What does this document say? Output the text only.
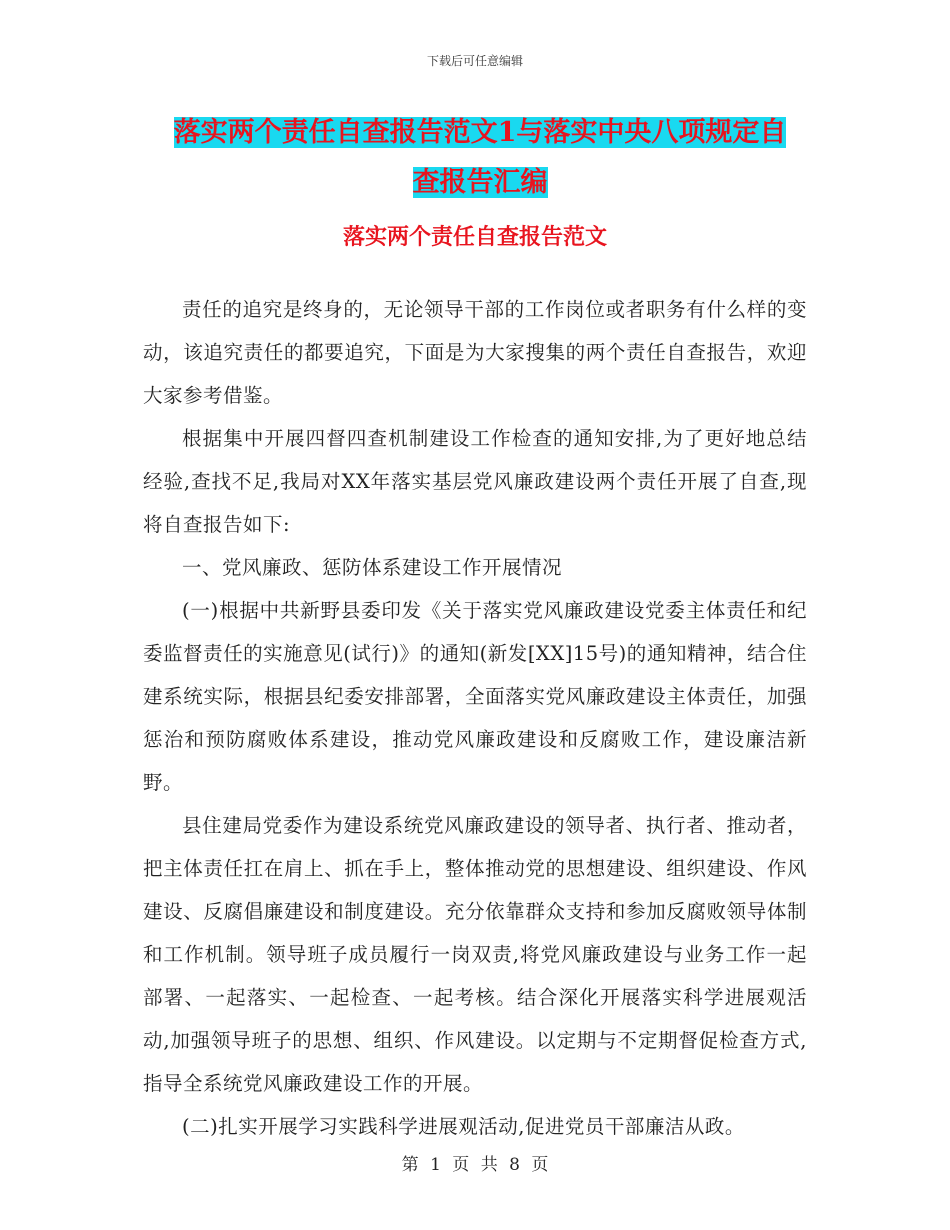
下载后可任意编辑
落实两个责任自查报告范文1与落实中央八项规定自
查报告汇编
落实两个责任自查报告范文

责任的追究是终身的，无论领导干部的工作岗位或者职务有什么样的变动，该追究责任的都要追究，下面是为大家搜集的两个责任自查报告，欢迎大家参考借鉴。

根据集中开展四督四查机制建设工作检查的通知安排,为了更好地总结经验,查找不足,我局对XX年落实基层党风廉政建设两个责任开展了自查,现将自查报告如下:

一、党风廉政、惩防体系建设工作开展情况

(一)根据中共新野县委印发《关于落实党风廉政建设党委主体责任和纪委监督责任的实施意见(试行)》的通知(新发[XX]15号)的通知精神，结合住建系统实际，根据县纪委安排部署，全面落实党风廉政建设主体责任，加强惩治和预防腐败体系建设，推动党风廉政建设和反腐败工作，建设廉洁新野。

县住建局党委作为建设系统党风廉政建设的领导者、执行者、推动者，把主体责任扛在肩上、抓在手上，整体推动党的思想建设、组织建设、作风建设、反腐倡廉建设和制度建设。充分依靠群众支持和参加反腐败领导体制和工作机制。领导班子成员履行一岗双责,将党风廉政建设与业务工作一起部署、一起落实、一起检查、一起考核。结合深化开展落实科学进展观活动,加强领导班子的思想、组织、作风建设。以定期与不定期督促检查方式,指导全系统党风廉政建设工作的开展。

(二)扎实开展学习实践科学进展观活动,促进党员干部廉洁从政。

第 1 页 共 8 页
